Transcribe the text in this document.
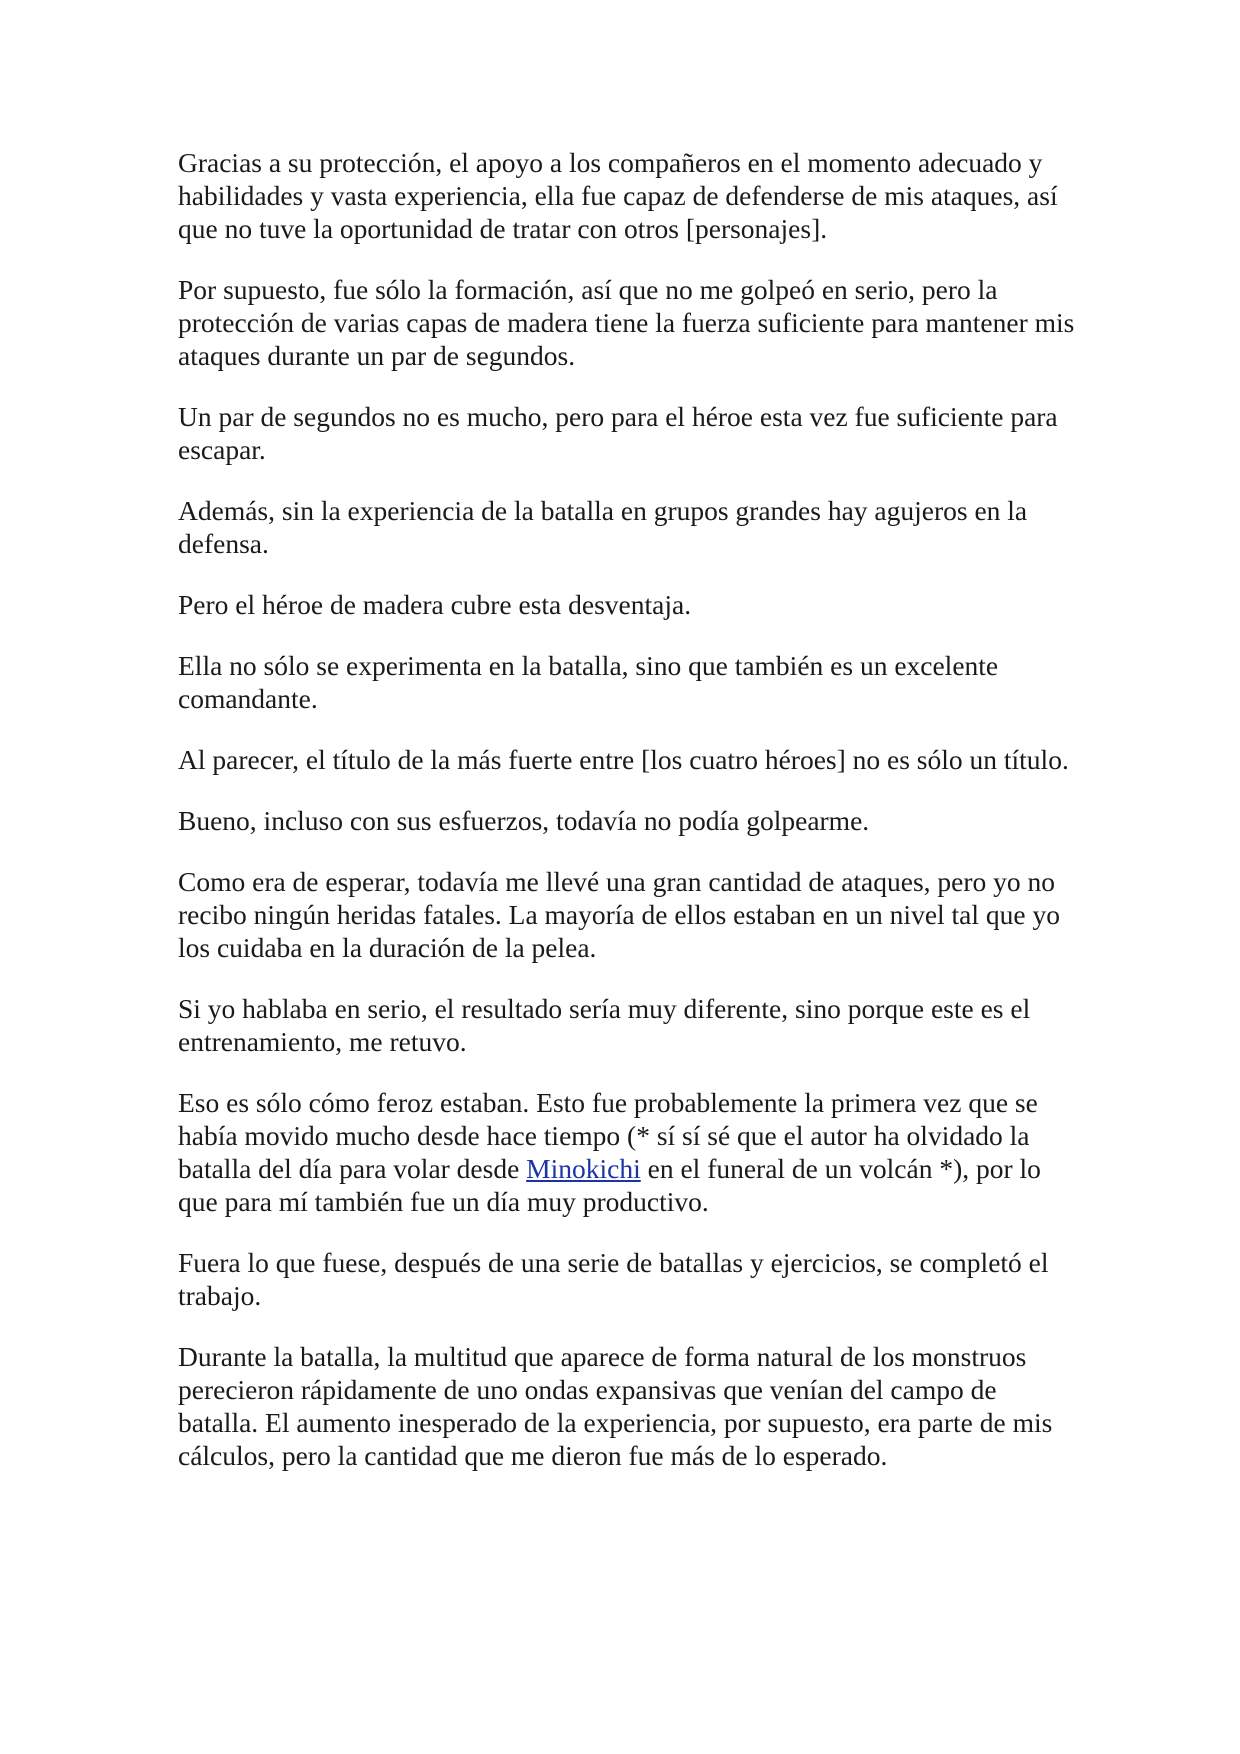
Gracias a su protección, el apoyo a los compañeros en el momento adecuado y habilidades y vasta experiencia, ella fue capaz de defenderse de mis ataques, así que no tuve la oportunidad de tratar con otros [personajes].

Por supuesto, fue sólo la formación, así que no me golpeó en serio, pero la protección de varias capas de madera tiene la fuerza suficiente para mantener mis ataques durante un par de segundos.

Un par de segundos no es mucho, pero para el héroe esta vez fue suficiente para escapar.

Además, sin la experiencia de la batalla en grupos grandes hay agujeros en la defensa.

Pero el héroe de madera cubre esta desventaja.

Ella no sólo se experimenta en la batalla, sino que también es un excelente comandante.

Al parecer, el título de la más fuerte entre [los cuatro héroes] no es sólo un título.

Bueno, incluso con sus esfuerzos, todavía no podía golpearme.

Como era de esperar, todavía me llevé una gran cantidad de ataques, pero yo no recibo ningún heridas fatales. La mayoría de ellos estaban en un nivel tal que yo los cuidaba en la duración de la pelea.

Si yo hablaba en serio, el resultado sería muy diferente, sino porque este es el entrenamiento, me retuvo.

Eso es sólo cómo feroz estaban. Esto fue probablemente la primera vez que se había movido mucho desde hace tiempo (* sí sí sé que el autor ha olvidado la batalla del día para volar desde Minokichi en el funeral de un volcán *), por lo que para mí también fue un día muy productivo.

Fuera lo que fuese, después de una serie de batallas y ejercicios, se completó el trabajo.

Durante la batalla, la multitud que aparece de forma natural de los monstruos perecieron rápidamente de uno ondas expansivas que venían del campo de batalla. El aumento inesperado de la experiencia, por supuesto, era parte de mis cálculos, pero la cantidad que me dieron fue más de lo esperado.
